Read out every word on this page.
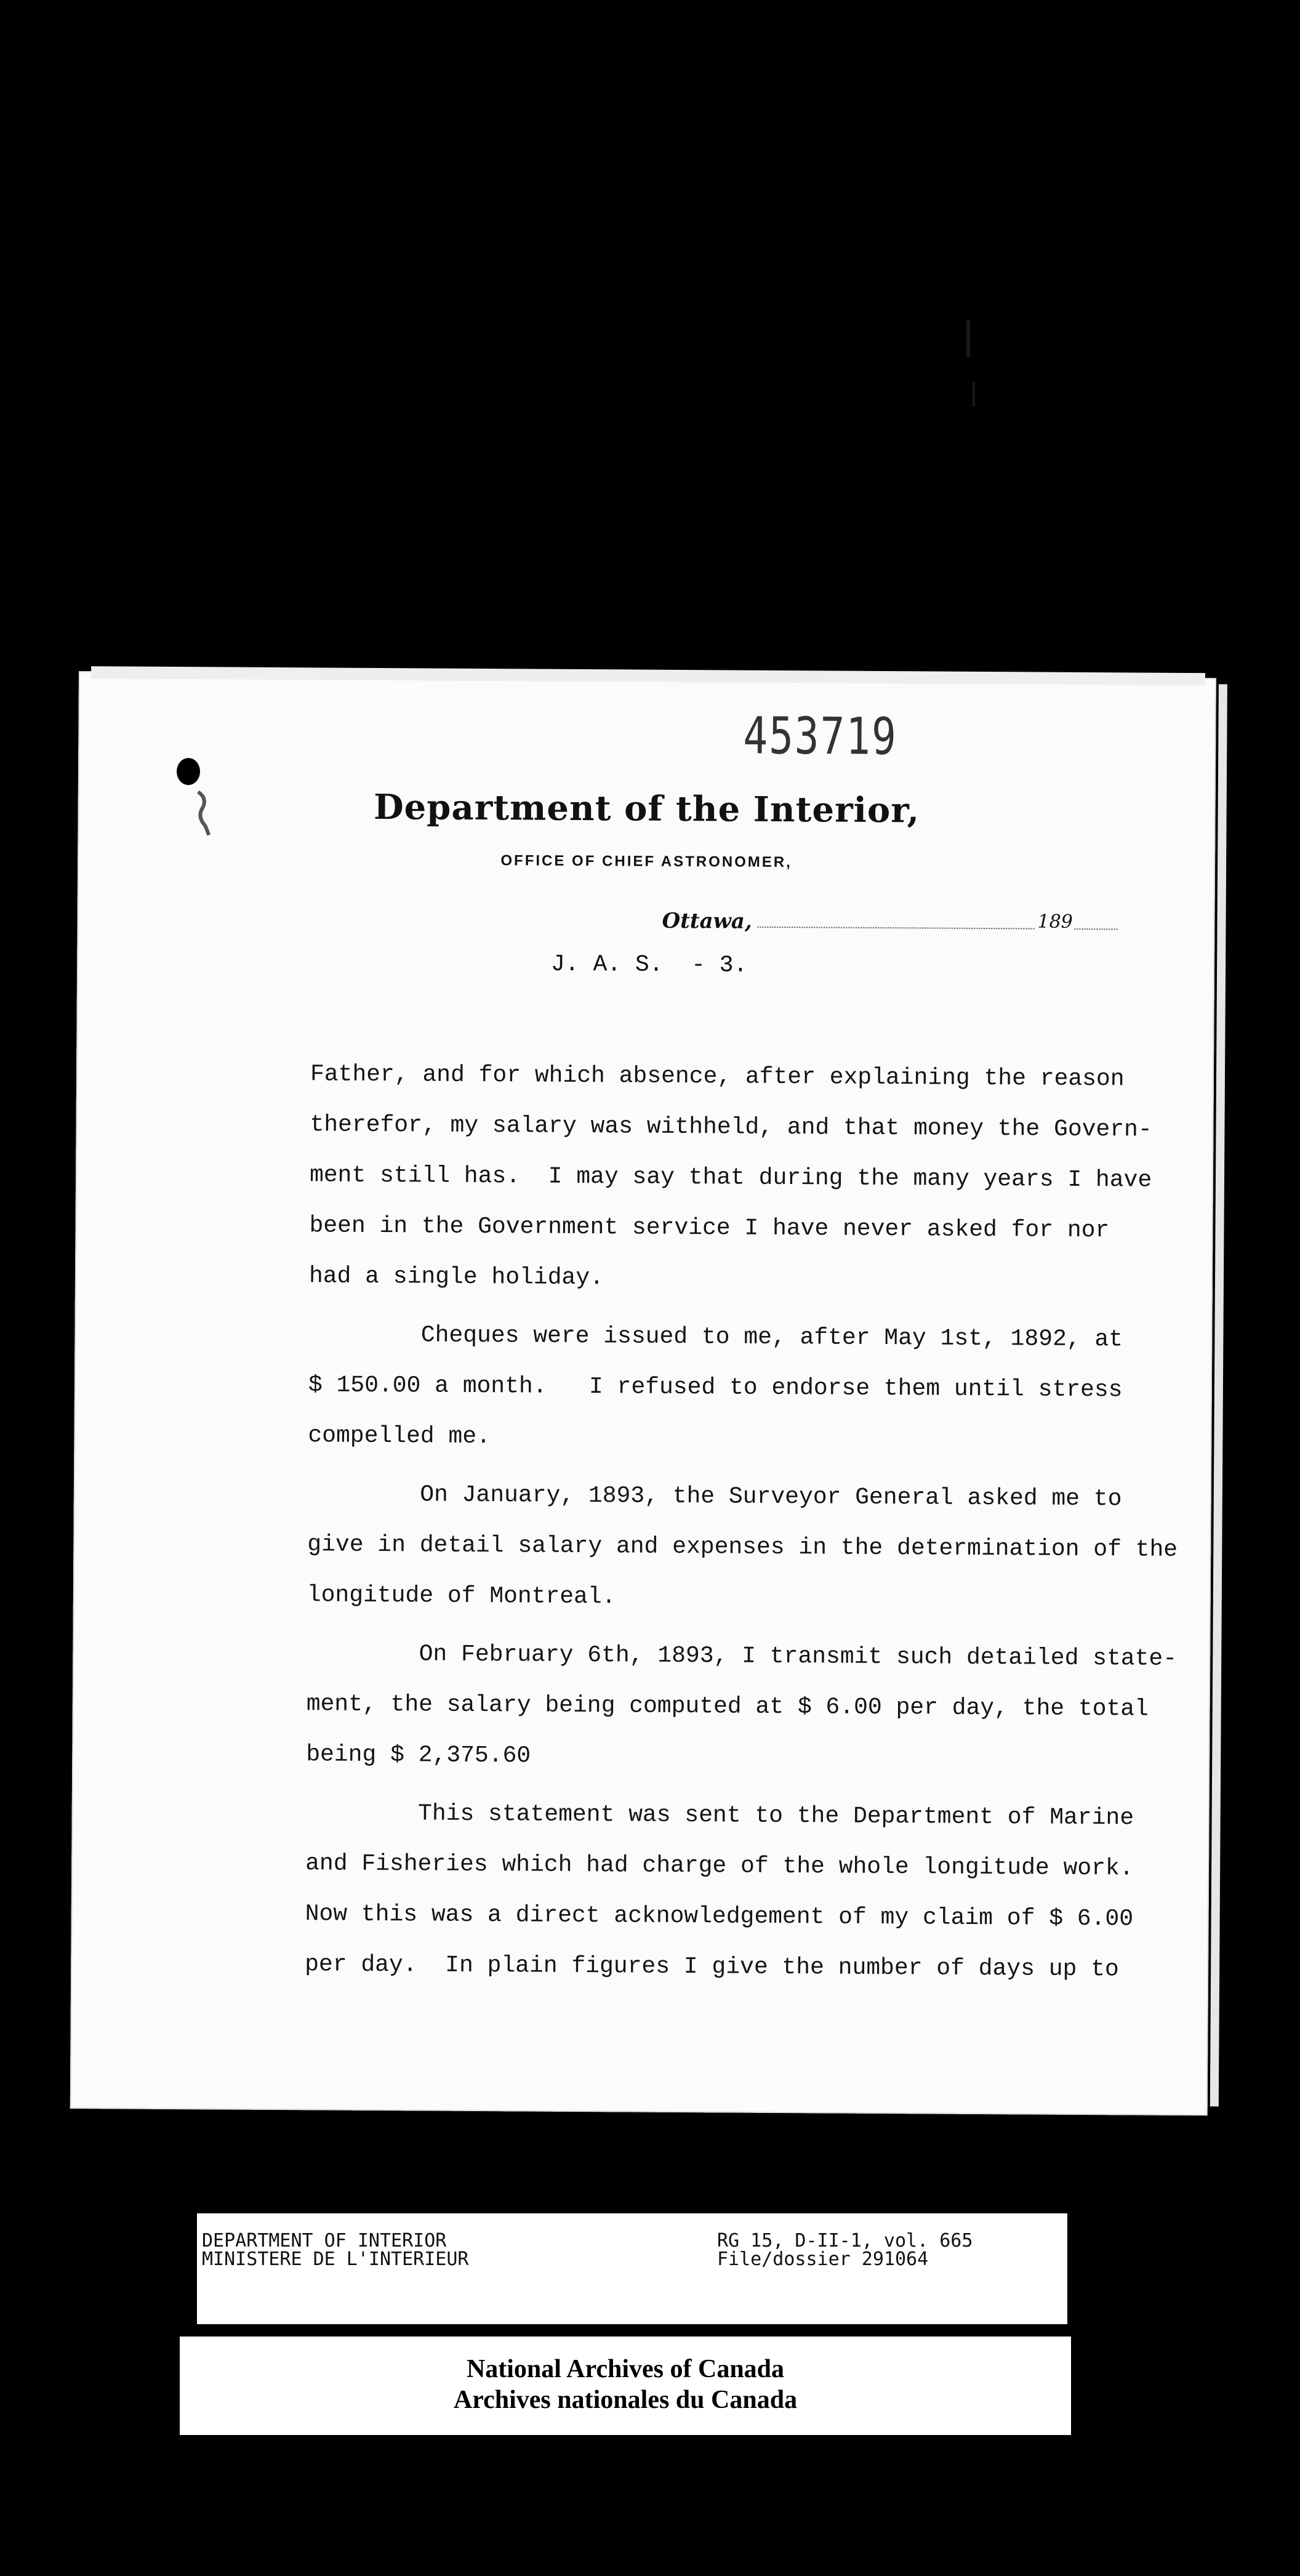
453719
Department of the Interior,
OFFICE OF CHIEF ASTRONOMER,
Ottawa,	189
J. A. S.  - 3.
Father, and for which absence, after explaining the reason
therefor, my salary was withheld, and that money the Govern-
ment still has.  I may say that during the many years I have
been in the Government service I have never asked for nor
had a single holiday.
Cheques were issued to me, after May 1st, 1892, at
$ 150.00 a month.   I refused to endorse them until stress
compelled me.
On January, 1893, the Surveyor General asked me to
give in detail salary and expenses in the determination of the
longitude of Montreal.
On February 6th, 1893, I transmit such detailed state-
ment, the salary being computed at $ 6.00 per day, the total
being $ 2,375.60
This statement was sent to the Department of Marine
and Fisheries which had charge of the whole longitude work.
Now this was a direct acknowledgement of my claim of $ 6.00
per day.  In plain figures I give the number of days up to
DEPARTMENT OF INTERIOR
MINISTERE DE L'INTERIEUR
RG 15, D-II-1, vol. 665
File/dossier 291064
National Archives of Canada
Archives nationales du Canada
